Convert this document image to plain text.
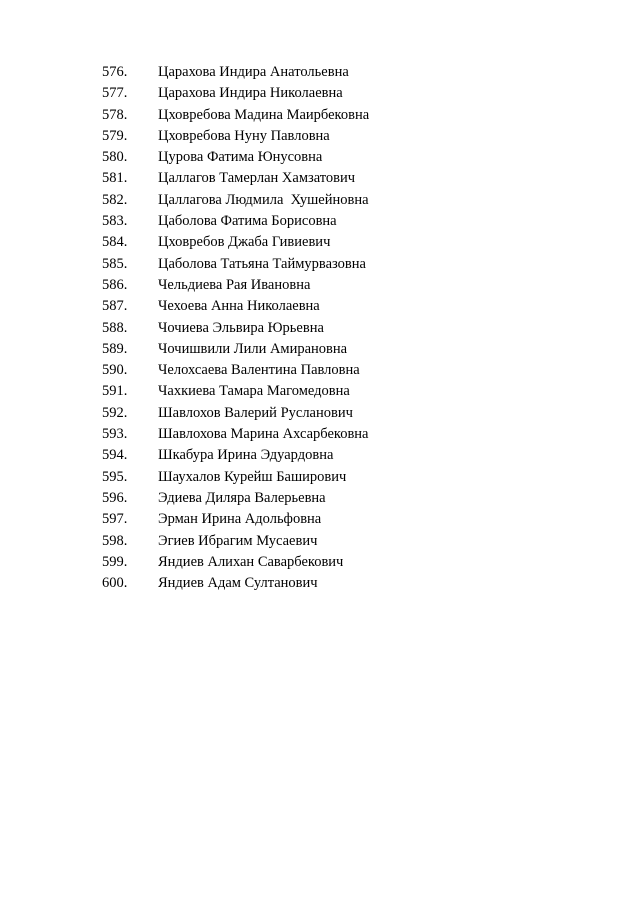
576.	Царахова Индира Анатольевна
577.	Царахова Индира Николаевна
578.	Цховребова Мадина Маирбековна
579.	Цховребова Нуну Павловна
580.	Цурова Фатима Юнусовна
581.	Цаллагов Тамерлан Хамзатович
582.	Цаллагова Людмила  Хушейновна
583.	Цаболова Фатима Борисовна
584.	Цховребов Джаба Гивиевич
585.	Цаболова Татьяна Таймурвазовна
586.	Чельдиева Рая Ивановна
587.	Чехоева Анна Николаевна
588.	Чочиева Эльвира Юрьевна
589.	Чочишвили Лили Амирановна
590.	Челохсаева Валентина Павловна
591.	Чахкиева Тамара Магомедовна
592.	Шавлохов Валерий Русланович
593.	Шавлохова Марина Ахсарбековна
594.	Шкабура Ирина Эдуардовна
595.	Шаухалов Курейш Баширович
596.	Эдиева Диляра Валерьевна
597.	Эрман Ирина Адольфовна
598.	Эгиев Ибрагим Мусаевич
599.	Яндиев Алихан Саварбекович
600.	Яндиев Адам Султанович
